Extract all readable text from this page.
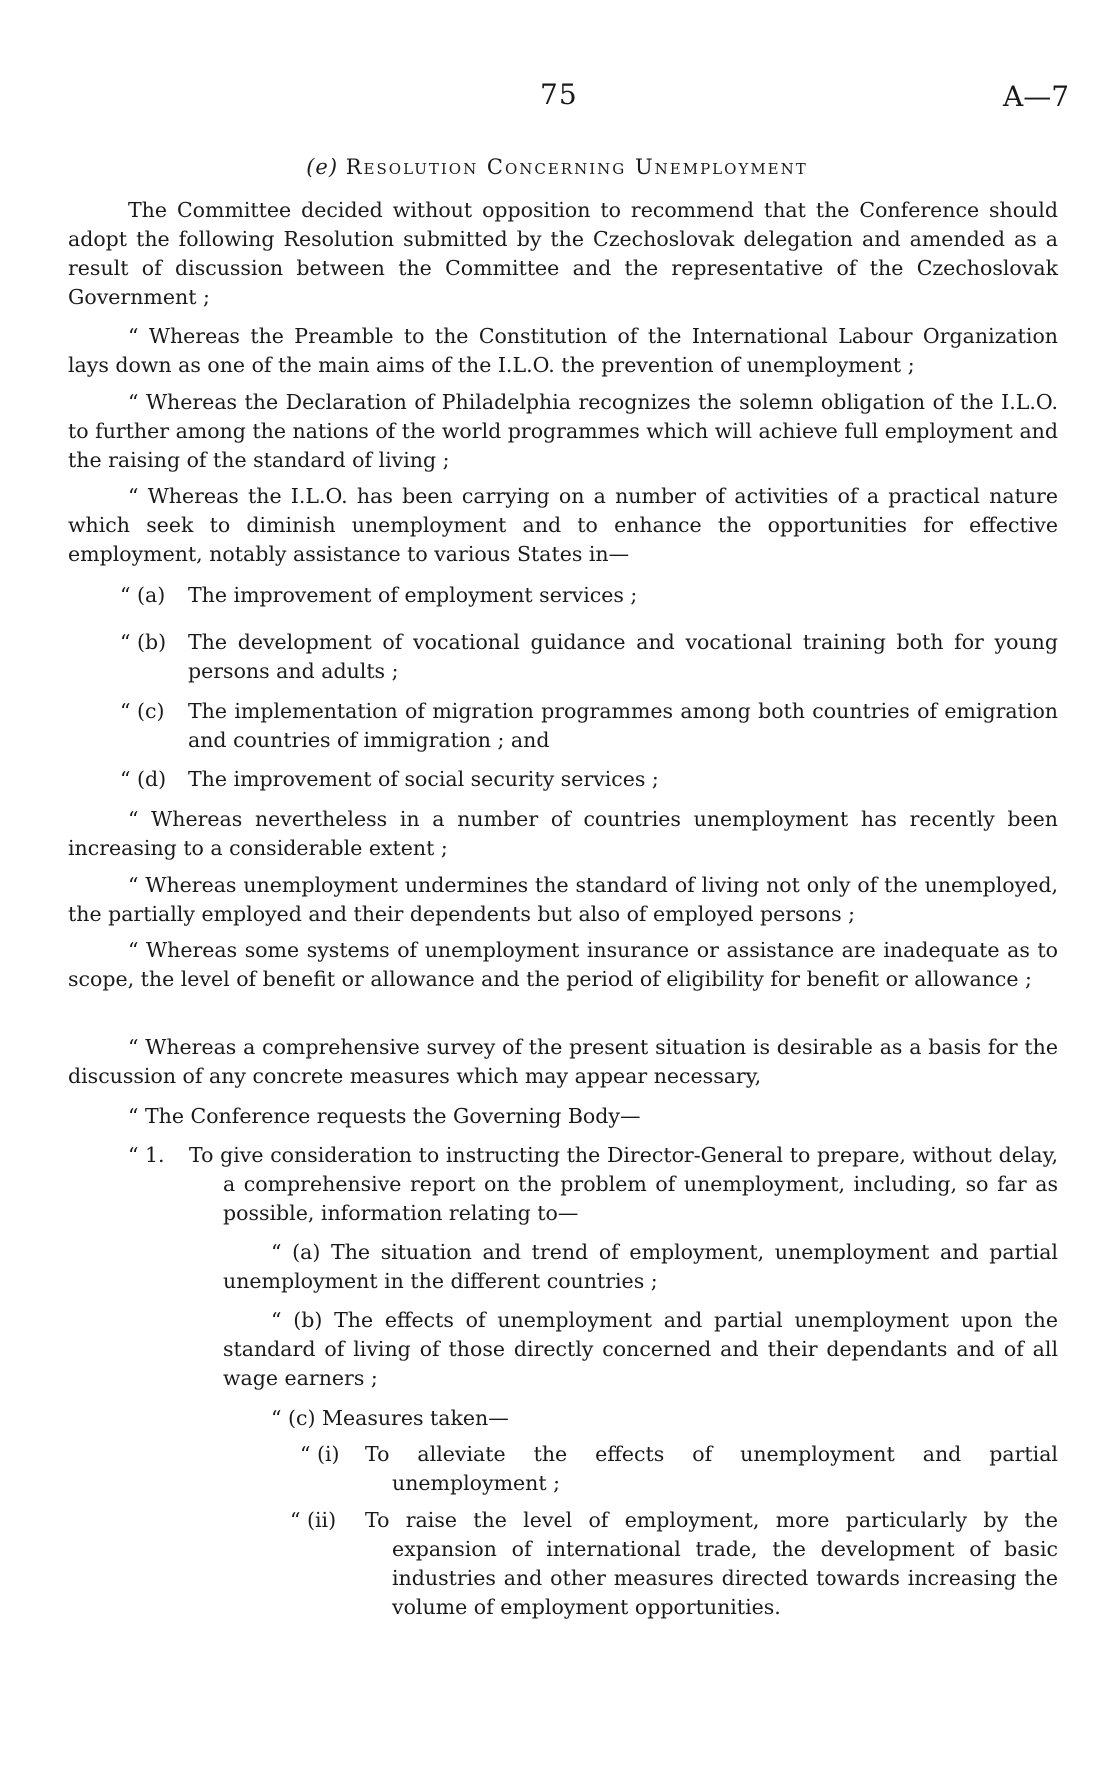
75	A—7
(e) Resolution Concerning Unemployment

The Committee decided without opposition to recommend that the Conference should adopt the following Resolution submitted by the Czechoslovak delegation and amended as a result of discussion between the Committee and the representative of the Czechoslovak Government ;

“ Whereas the Preamble to the Constitution of the International Labour Organization lays down as one of the main aims of the I.L.O. the prevention of unemployment ;

“ Whereas the Declaration of Philadelphia recognizes the solemn obligation of the I.L.O. to further among the nations of the world programmes which will achieve full employment and the raising of the standard of living ;

“ Whereas the I.L.O. has been carrying on a number of activities of a practical nature which seek to diminish unemployment and to enhance the opportunities for effective employment, notably assistance to various States in—

“ (a) The improvement of employment services ;
“ (b) The development of vocational guidance and vocational training both for young persons and adults ;
“ (c) The implementation of migration programmes among both countries of emigration and countries of immigration ; and
“ (d) The improvement of social security services ;

“ Whereas nevertheless in a number of countries unemployment has recently been increasing to a considerable extent ;

“ Whereas unemployment undermines the standard of living not only of the unemployed, the partially employed and their dependents but also of employed persons ;

“ Whereas some systems of unemployment insurance or assistance are inadequate as to scope, the level of benefit or allowance and the period of eligibility for benefit or allowance ;

“ Whereas a comprehensive survey of the present situation is desirable as a basis for the discussion of any concrete measures which may appear necessary,

“ The Conference requests the Governing Body—

“ 1. To give consideration to instructing the Director-General to prepare, without delay, a comprehensive report on the problem of unemployment, including, so far as possible, information relating to—

“ (a) The situation and trend of employment, unemployment and partial unemployment in the different countries ;

“ (b) The effects of unemployment and partial unemployment upon the standard of living of those directly concerned and their dependants and of all wage earners ;

“ (c) Measures taken—

“ (i) To alleviate the effects of unemployment and partial unemployment ;
“ (ii) To raise the level of employment, more particularly by the expansion of international trade, the development of basic industries and other measures directed towards increasing the volume of employment opportunities.
